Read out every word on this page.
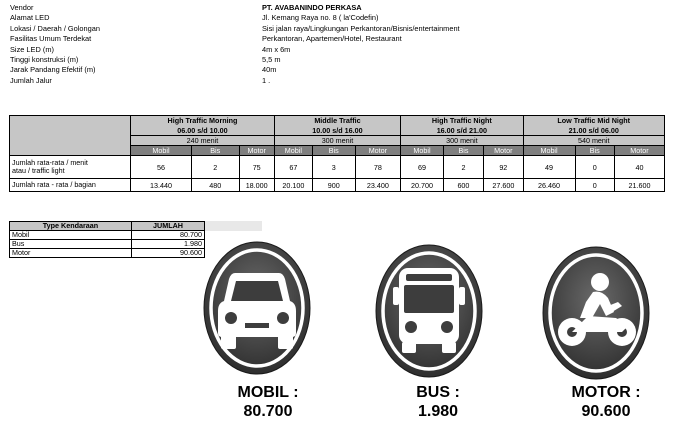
Vendor	PT. AVABANINDO PERKASA
Alamat LED	Jl. Kemang Raya no. 8 ( la'Codefin)
Lokasi / Daerah / Golongan	Sisi jalan raya/Lingkungan Perkantoran/Bisnis/entertainment
Fasilitas Umum Terdekat	Perkantoran, Apartemen/Hotel, Restaurant
Size LED (m)	4m x 6m
Tinggi konstruksi (m)	5,5 m
Jarak Pandang Efektif (m)	40m
Jumlah Jalur	1 .
	High Traffic Morning			Middle Traffic			High Traffic Night			Low Traffic Mid Night		
	06.00 s/d 10.00			10.00 s/d 16.00			16.00 s/d 21.00			21.00 s/d 06.00		
	240 menit			300 menit			300 menit			540 menit		
	Mobil	Bis	Motor	Mobil	Bis	Motor	Mobil	Bis	Motor	Mobil	Bis	Motor
Jumlah rata-rata / menit
atau / traffic light	56	2	75	67	3	78	69	2	92	49	0	40
Jumlah rata - rata / bagian	13.440	480	18.000	20.100	900	23.400	20.700	600	27.600	26.460	0	21.600
Type Kendaraan	JUMLAH
Mobil	80.700
Bus	1.980
Motor	90.600
MOBIL :
80.700
BUS :
1.980
MOTOR :
90.600
